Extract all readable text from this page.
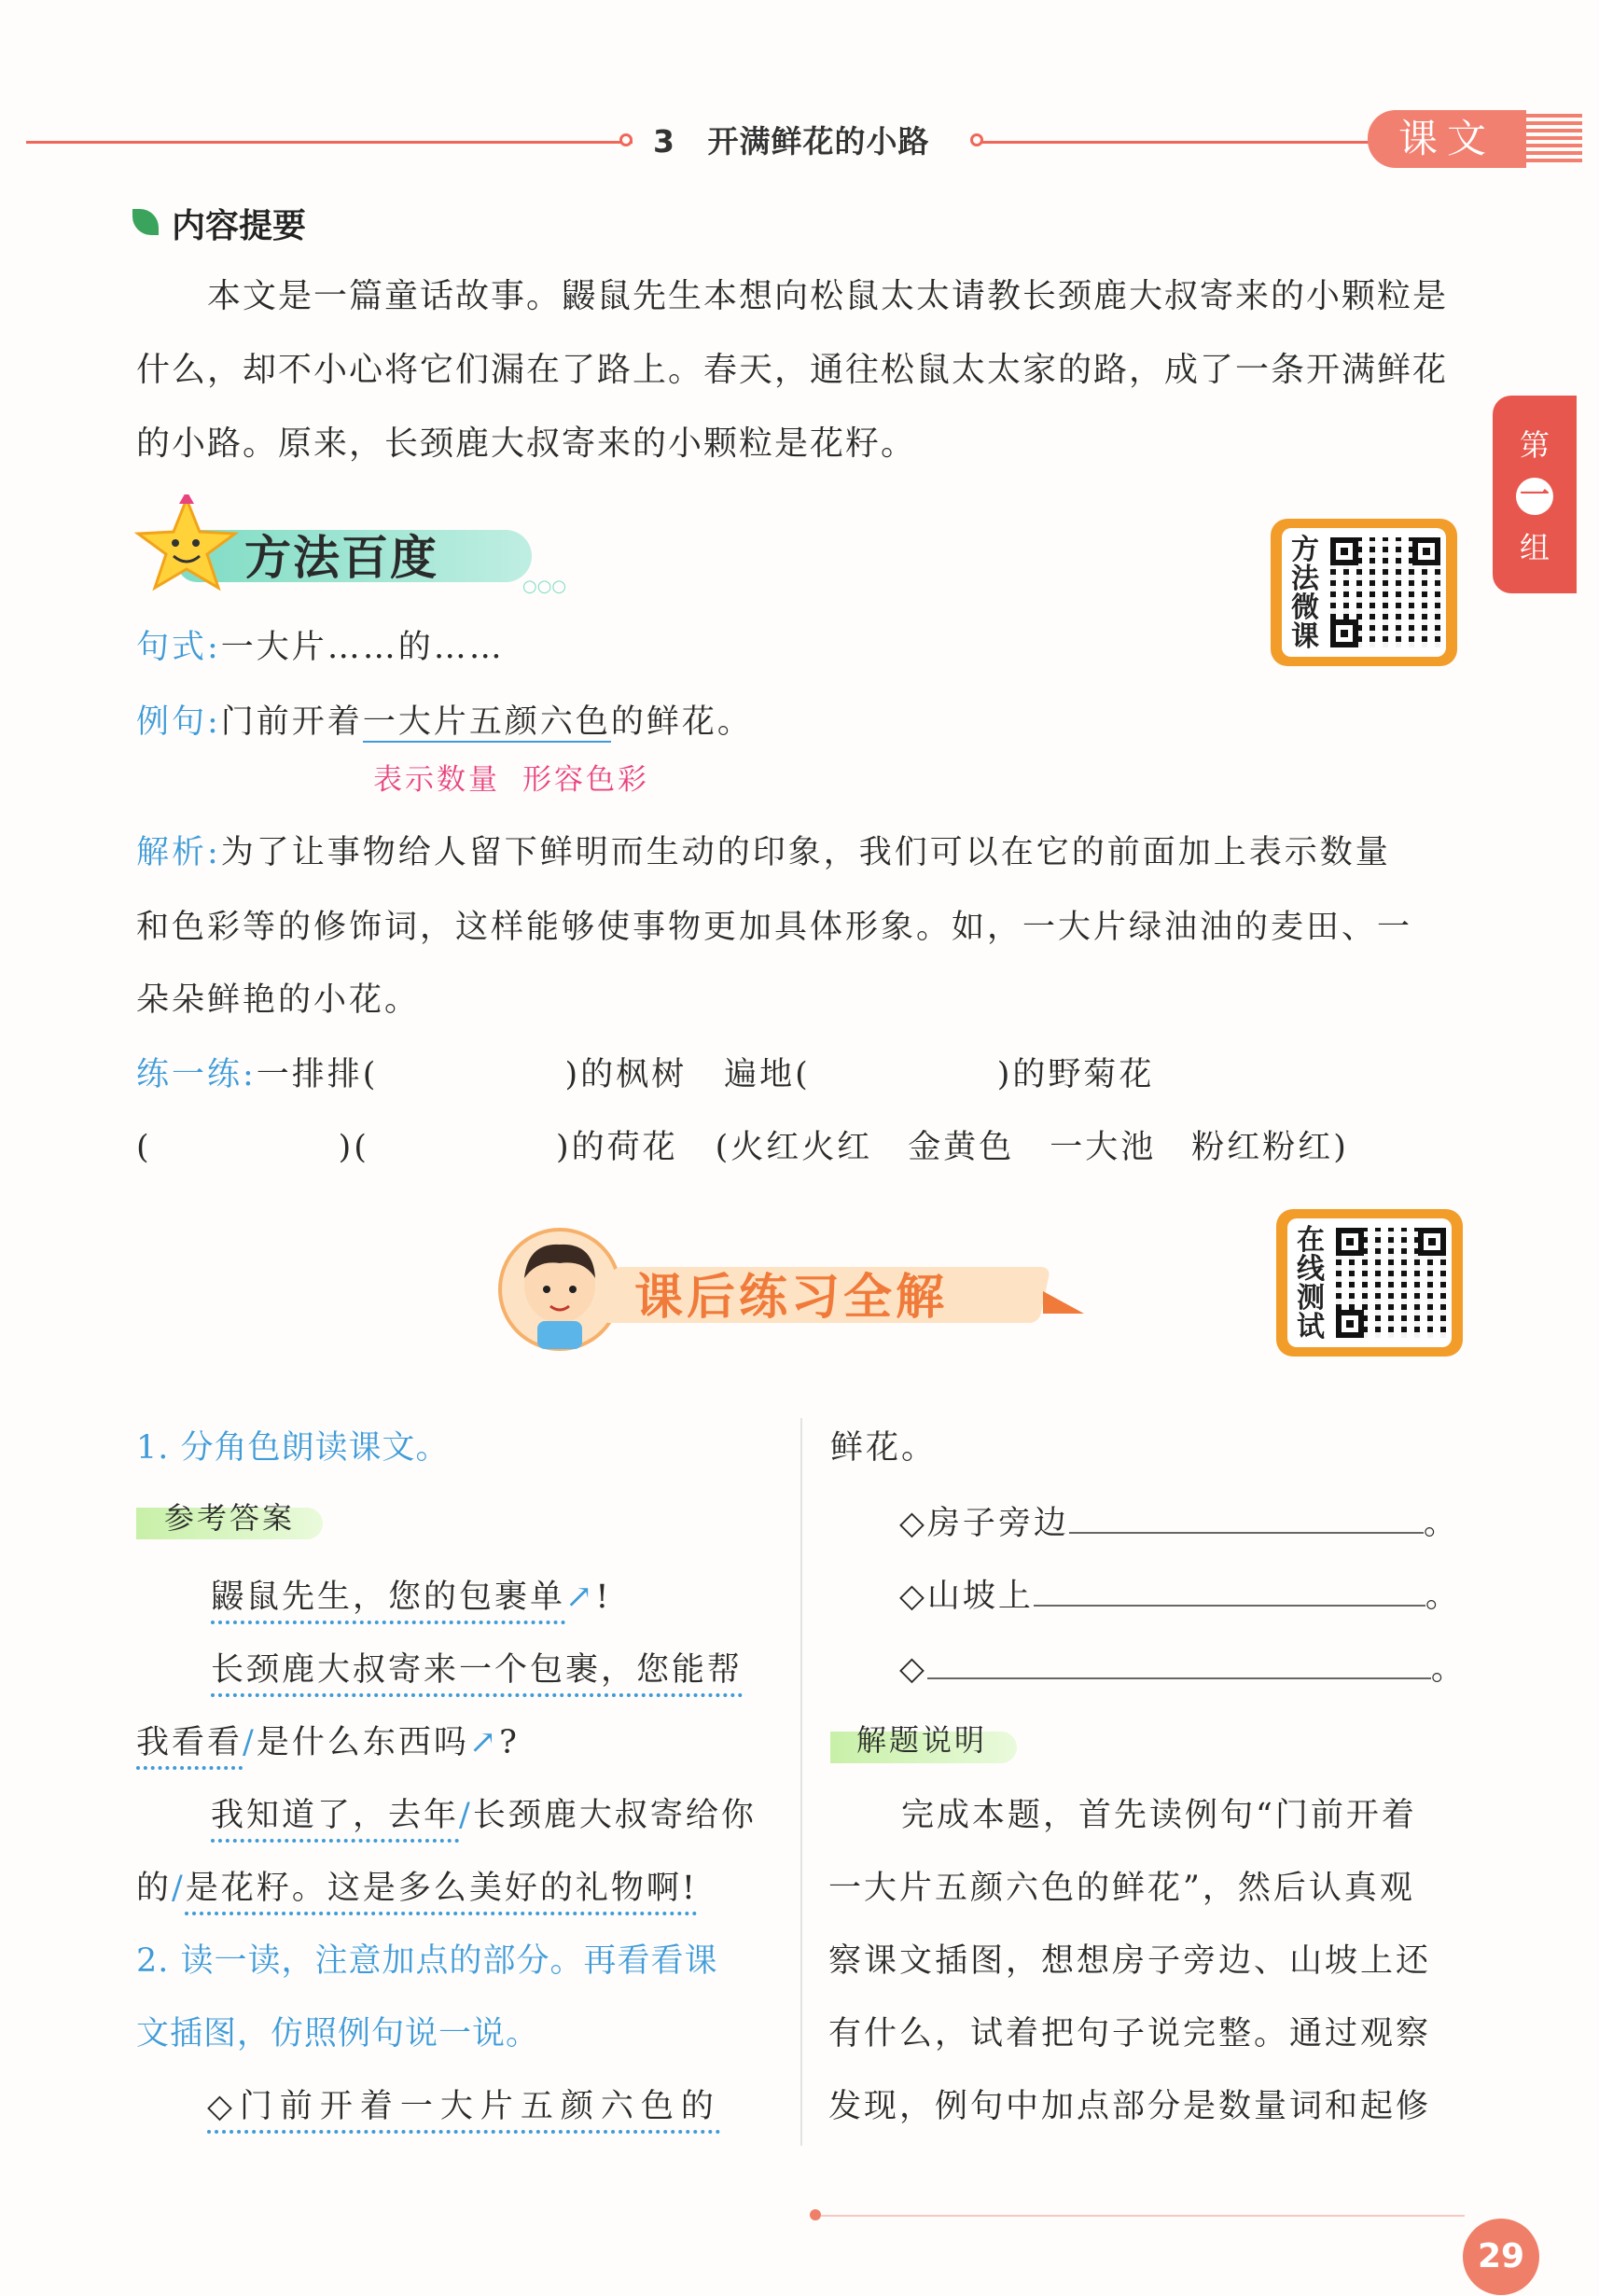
3 开满鲜花的小路	课文
第
一
组
内容提要
本文是一篇童话故事。鼹鼠先生本想向松鼠太太请教长颈鹿大叔寄来的小颗粒是什么，却不小心将它们漏在了路上。春天，通往松鼠太太家的路，成了一条开满鲜花的小路。原来，长颈鹿大叔寄来的小颗粒是花籽。
方法百度
○○○
方法微课
句式:一大片……的……
例句:门前开着一大片五颜六色的鲜花。
表示数量 形容色彩
解析:为了让事物给人留下鲜明而生动的印象，我们可以在它的前面加上表示数量
和色彩等的修饰词，这样能够使事物更加具体形象。如，一大片绿油油的麦田、一
朵朵鲜艳的小花。
练一练:一排排(	)的枫树 遍地(	)的野菊花
(	)(	)的荷花 (火红火红　金黄色　一大池　粉红粉红)
课后练习全解
在线测试
1. 分角色朗读课文。
参考答案
鼹鼠先生，您的包裹单↗!
长颈鹿大叔寄来一个包裹，您能帮
我看看/是什么东西吗↗?
我知道了，去年/长颈鹿大叔寄给你
的/是花籽。这是多么美好的礼物啊!
2. 读一读，注意加点的部分。再看看课
文插图，仿照例句说一说。
◇门前开着一大片五颜六色的
鲜花。
◇房子旁边	。
◇山坡上	。
◇	。
解题说明
完成本题，首先读例句“门前开着
一大片五颜六色的鲜花”，然后认真观
察课文插图，想想房子旁边、山坡上还
有什么，试着把句子说完整。通过观察
发现，例句中加点部分是数量词和起修
29
